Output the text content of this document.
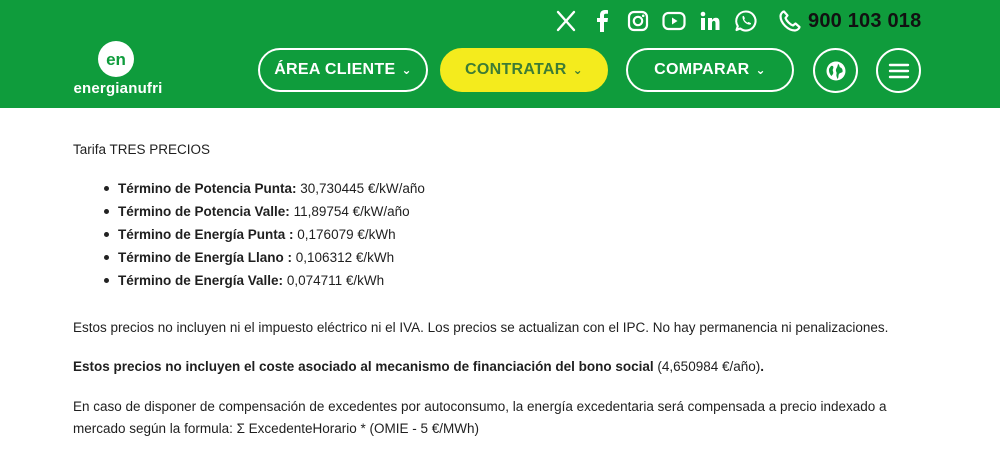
en
energianufri
900 103 018
ÁREA CLIENTE ⌄	CONTRATAR ⌄	COMPARAR ⌄
Tarifa TRES PRECIOS
Término de Potencia Punta: 30,730445 €/kW/año
Término de Potencia Valle: 11,89754 €/kW/año
Término de Energía Punta : 0,176079 €/kWh
Término de Energía Llano : 0,106312 €/kWh
Término de Energía Valle: 0,074711 €/kWh

Estos precios no incluyen ni el impuesto eléctrico ni el IVA. Los precios se actualizan con el IPC. No hay permanencia ni penalizaciones.

Estos precios no incluyen el coste asociado al mecanismo de financiación del bono social (4,650984 €/año).

En caso de disponer de compensación de excedentes por autoconsumo, la energía excedentaria será compensada a precio indexado a mercado según la formula: Σ ExcedenteHorario * (OMIE - 5 €/MWh)
